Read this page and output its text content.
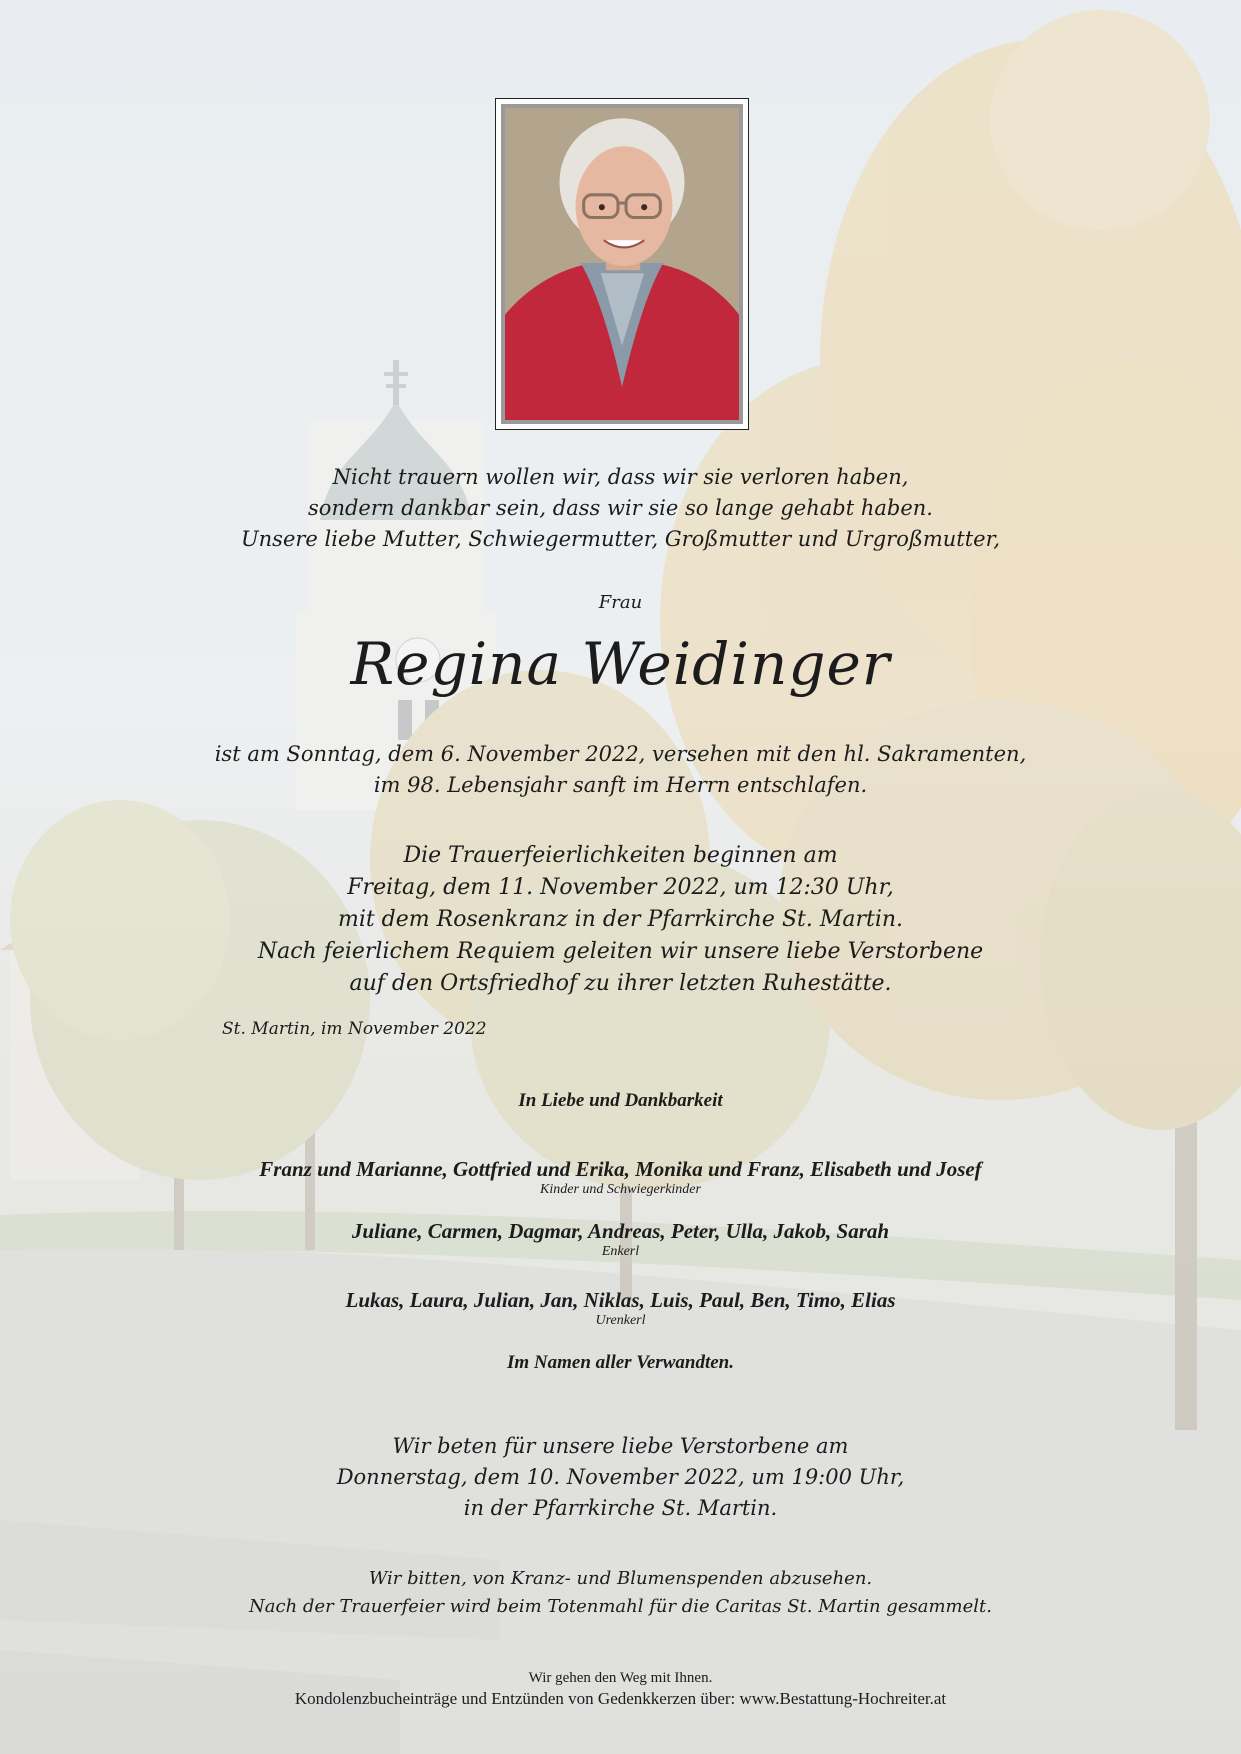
Nicht trauern wollen wir, dass wir sie verloren haben,
sondern dankbar sein, dass wir sie so lange gehabt haben.
Unsere liebe Mutter, Schwiegermutter, Großmutter und Urgroßmutter,
Frau
Regina Weidinger
ist am Sonntag, dem 6. November 2022, versehen mit den hl. Sakramenten,
im 98. Lebensjahr sanft im Herrn entschlafen.
Die Trauerfeierlichkeiten beginnen am
Freitag, dem 11. November 2022, um 12:30 Uhr,
mit dem Rosenkranz in der Pfarrkirche St. Martin.
Nach feierlichem Requiem geleiten wir unsere liebe Verstorbene
auf den Ortsfriedhof zu ihrer letzten Ruhestätte.
St. Martin, im November 2022
In Liebe und Dankbarkeit
Franz und Marianne, Gottfried und Erika, Monika und Franz, Elisabeth und Josef
Kinder und Schwiegerkinder
Juliane, Carmen, Dagmar, Andreas, Peter, Ulla, Jakob, Sarah
Enkerl
Lukas, Laura, Julian, Jan, Niklas, Luis, Paul, Ben, Timo, Elias
Urenkerl
Im Namen aller Verwandten.
Wir beten für unsere liebe Verstorbene am
Donnerstag, dem 10. November 2022, um 19:00 Uhr,
in der Pfarrkirche St. Martin.
Wir bitten, von Kranz- und Blumenspenden abzusehen.
Nach der Trauerfeier wird beim Totenmahl für die Caritas St. Martin gesammelt.
Wir gehen den Weg mit Ihnen.
Kondolenzbucheinträge und Entzünden von Gedenkkerzen über: www.Bestattung-Hochreiter.at
